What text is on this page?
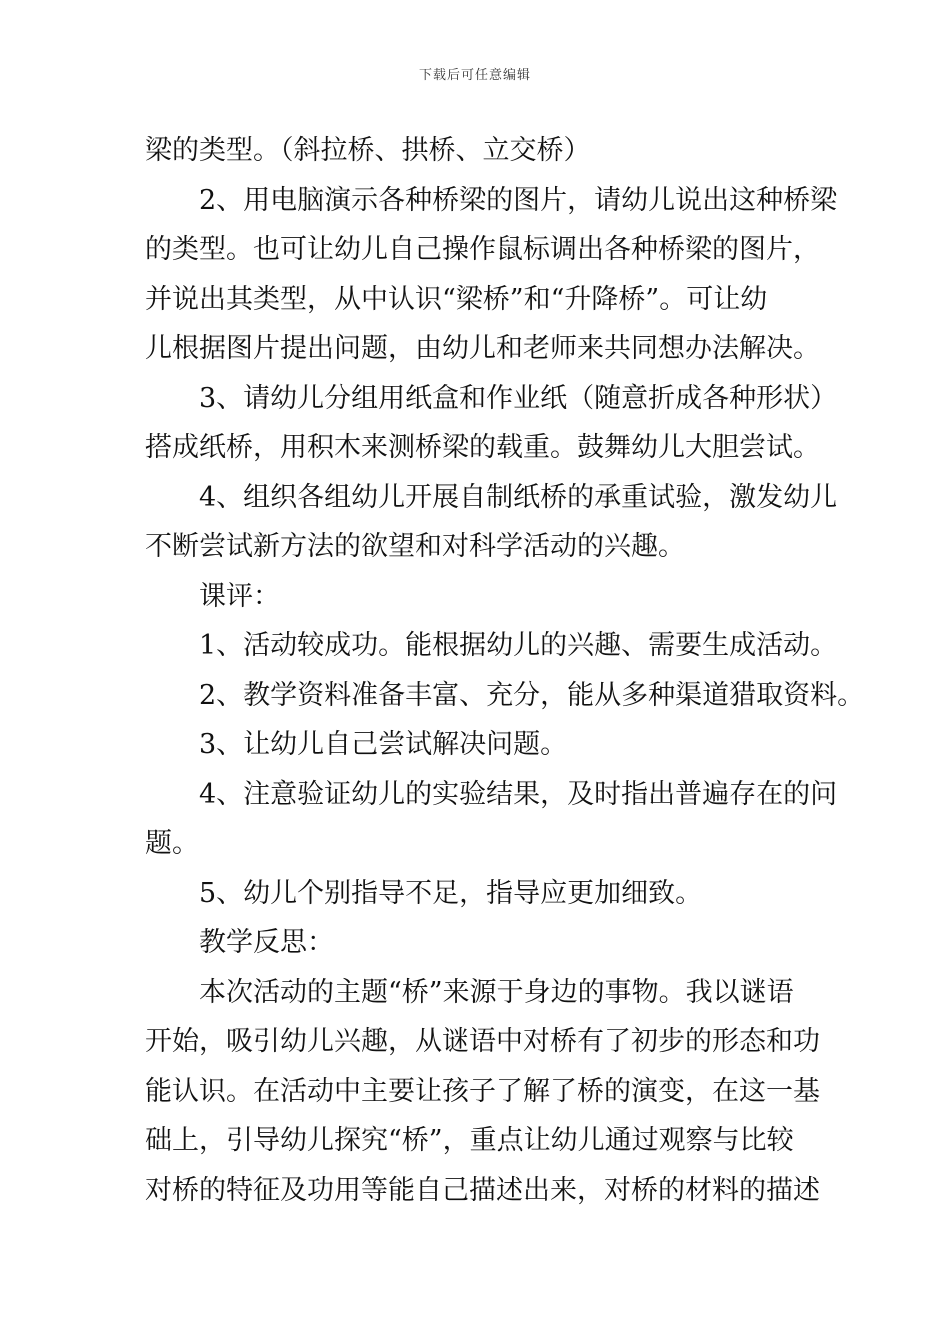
下载后可任意编辑
梁的类型。（斜拉桥、拱桥、立交桥）
2、用电脑演示各种桥梁的图片，请幼儿说出这种桥梁
的类型。也可让幼儿自己操作鼠标调出各种桥梁的图片，
并说出其类型，从中认识“梁桥”和“升降桥”。可让幼
儿根据图片提出问题，由幼儿和老师来共同想办法解决。
3、请幼儿分组用纸盒和作业纸（随意折成各种形状）
搭成纸桥，用积木来测桥梁的载重。鼓舞幼儿大胆尝试。
4、组织各组幼儿开展自制纸桥的承重试验，激发幼儿
不断尝试新方法的欲望和对科学活动的兴趣。
课评：
1、活动较成功。能根据幼儿的兴趣、需要生成活动。
2、教学资料准备丰富、充分，能从多种渠道猎取资料。
3、让幼儿自己尝试解决问题。
4、注意验证幼儿的实验结果，及时指出普遍存在的问
题。
5、幼儿个别指导不足，指导应更加细致。
教学反思：
本次活动的主题“桥”来源于身边的事物。我以谜语
开始，吸引幼儿兴趣，从谜语中对桥有了初步的形态和功
能认识。在活动中主要让孩子了解了桥的演变，在这一基
础上，引导幼儿探究“桥”，重点让幼儿通过观察与比较
对桥的特征及功用等能自己描述出来，对桥的材料的描述
